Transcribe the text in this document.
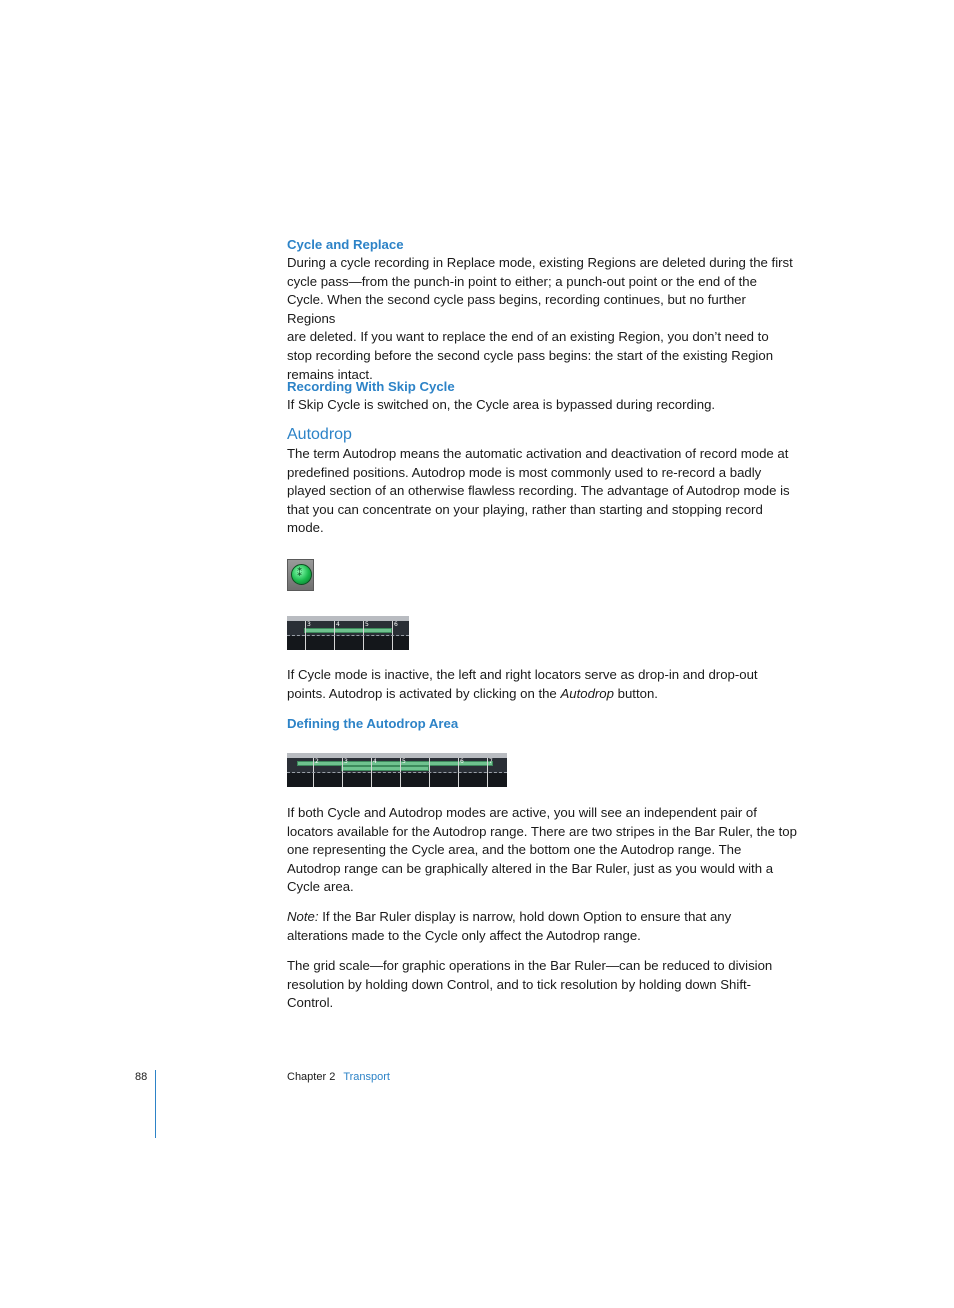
Cycle and Replace

During a cycle recording in Replace mode, existing Regions are deleted during the first

cycle pass—from the punch-in point to either; a punch-out point or the end of the

Cycle. When the second cycle pass begins, recording continues, but no further Regions

are deleted. If you want to replace the end of an existing Region, you don’t need to

stop recording before the second cycle pass begins: the start of the existing Region

remains intact.

Recording With Skip Cycle

If Skip Cycle is switched on, the Cycle area is bypassed during recording.

Autodrop

The term Autodrop means the automatic activation and deactivation of record mode at

predefined positions. Autodrop mode is most commonly used to re-record a badly

played section of an otherwise flawless recording. The advantage of Autodrop mode is

that you can concentrate on your playing, rather than starting and stopping record

mode.

⁑
3	4	5	6

If Cycle mode is inactive, the left and right locators serve as drop-in and drop-out

points. Autodrop is activated by clicking on the Autodrop button.

Defining the Autodrop Area

2	3	4	5	6	7

If both Cycle and Autodrop modes are active, you will see an independent pair of

locators available for the Autodrop range. There are two stripes in the Bar Ruler, the top

one representing the Cycle area, and the bottom one the Autodrop range. The

Autodrop range can be graphically altered in the Bar Ruler, just as you would with a

Cycle area.

Note: If the Bar Ruler display is narrow, hold down Option to ensure that any

alterations made to the Cycle only affect the Autodrop range.

The grid scale—for graphic operations in the Bar Ruler—can be reduced to division

resolution by holding down Control, and to tick resolution by holding down Shift-

Control.

88	Chapter 2 Transport
